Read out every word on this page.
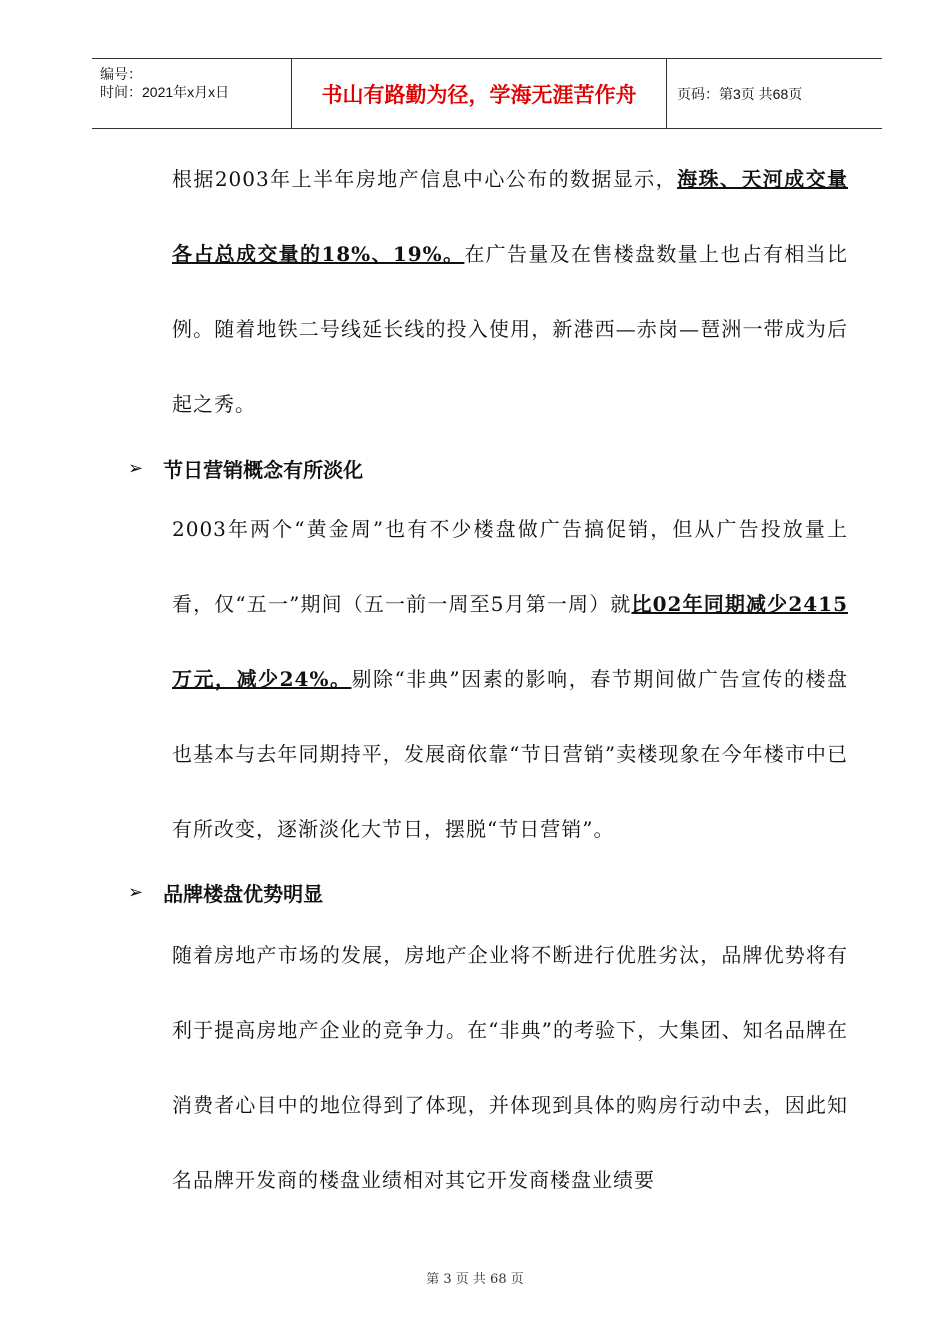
编号：
时间：2021年x月x日	书山有路勤为径，学海无涯苦作舟	页码：第3页 共68页

根据2003年上半年房地产信息中心公布的数据显示，海珠、天河成交量各占总成交量的18%、19%。在广告量及在售楼盘数量上也占有相当比例。随着地铁二号线延长线的投入使用，新港西—赤岗—琶洲一带成为后起之秀。

➢ 节日营销概念有所淡化

2003年两个“黄金周”也有不少楼盘做广告搞促销，但从广告投放量上看，仅“五一”期间（五一前一周至5月第一周）就比02年同期减少2415万元，减少24%。剔除“非典”因素的影响，春节期间做广告宣传的楼盘也基本与去年同期持平，发展商依靠“节日营销”卖楼现象在今年楼市中已有所改变，逐渐淡化大节日，摆脱“节日营销”。

➢ 品牌楼盘优势明显

随着房地产市场的发展，房地产企业将不断进行优胜劣汰，品牌优势将有利于提高房地产企业的竞争力。在“非典”的考验下，大集团、知名品牌在消费者心目中的地位得到了体现，并体现到具体的购房行动中去，因此知名品牌开发商的楼盘业绩相对其它开发商楼盘业绩要

第 3 页 共 68 页
